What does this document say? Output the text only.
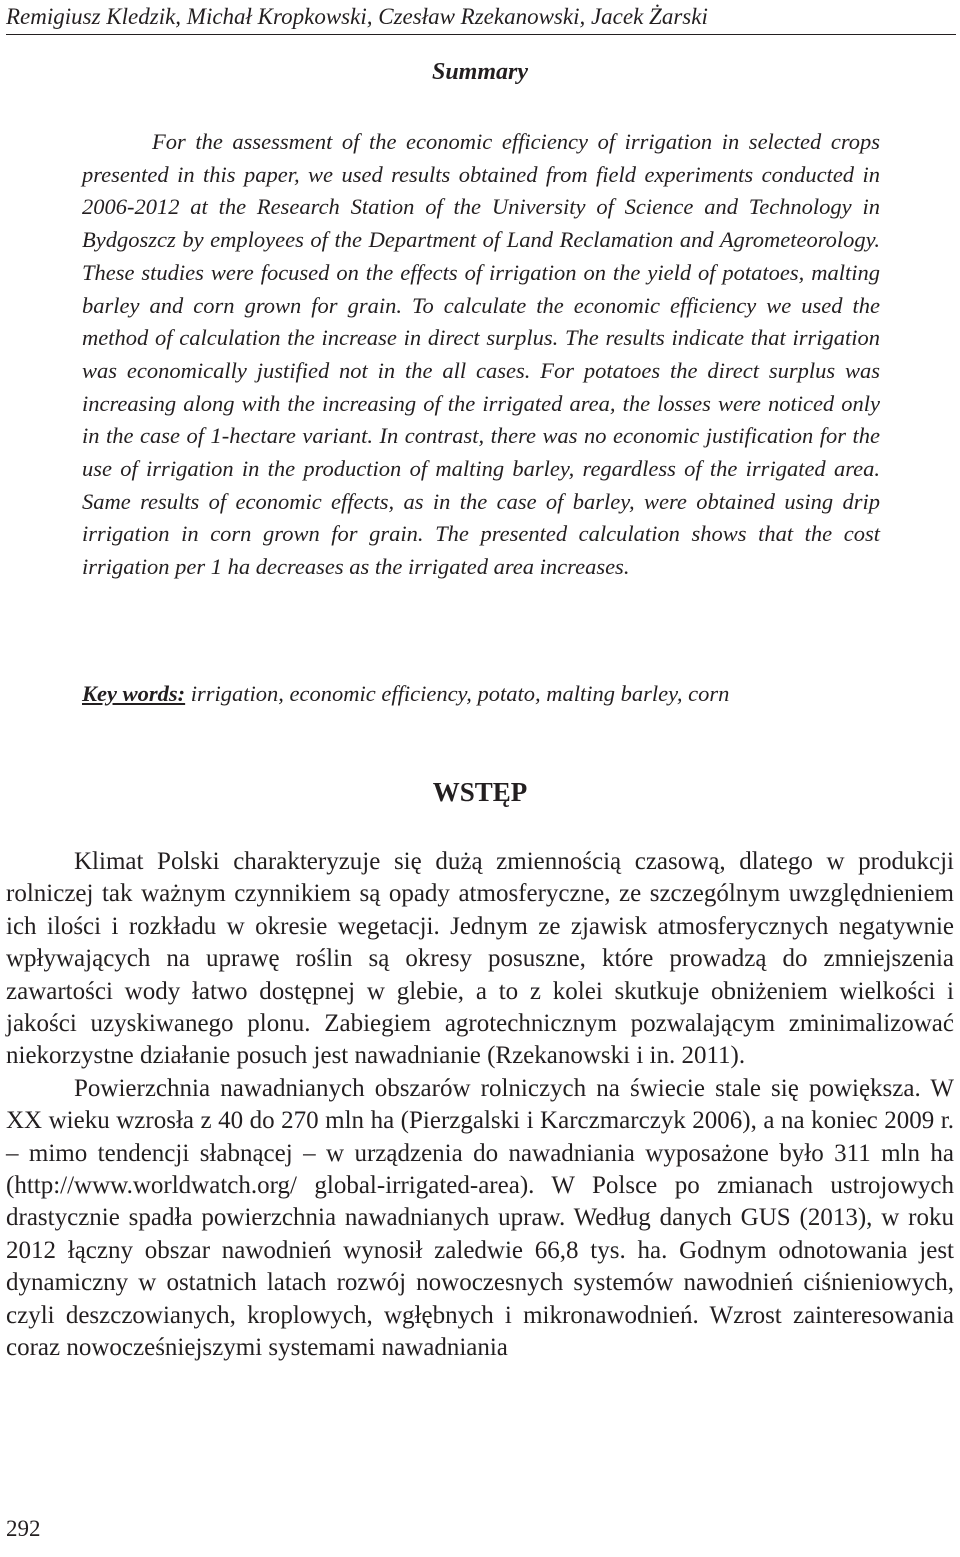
Remigiusz Kledzik, Michał Kropkowski, Czesław Rzekanowski, Jacek Żarski
Summary

For the assessment of the economic efficiency of irrigation in selected crops presented in this paper, we used results obtained from field experiments conducted in 2006-2012 at the Research Station of the University of Science and Technology in Bydgoszcz by employees of the Department of Land Reclamation and Agrometeorology. These studies were focused on the effects of irrigation on the yield of potatoes, malting barley and corn grown for grain. To calculate the economic efficiency we used the method of calculation the increase in direct surplus. The results indicate that irrigation was economically justified not in the all cases. For potatoes the direct surplus was increasing along with the increasing of the irrigated area, the losses were noticed only in the case of 1-hectare variant. In contrast, there was no economic justification for the use of irrigation in the production of malting barley, regardless of the irrigated area. Same results of economic effects, as in the case of barley, were obtained using drip irrigation in corn grown for grain. The presented calculation shows that the cost irrigation per 1 ha decreases as the irrigated area increases.

Key words: irrigation, economic efficiency, potato, malting barley, corn

WSTĘP

Klimat Polski charakteryzuje się dużą zmiennością czasową, dlatego w produkcji rolniczej tak ważnym czynnikiem są opady atmosferyczne, ze szczególnym uwzględnieniem ich ilości i rozkładu w okresie wegetacji. Jednym ze zjawisk atmosferycznych negatywnie wpływających na uprawę roślin są okresy posuszne, które prowadzą do zmniejszenia zawartości wody łatwo dostępnej w glebie, a to z kolei skutkuje obniżeniem wielkości i jakości uzyskiwanego plonu. Zabiegiem agrotechnicznym pozwalającym zminimalizować niekorzystne działanie posuch jest nawadnianie (Rzekanowski i in. 2011).

Powierzchnia nawadnianych obszarów rolniczych na świecie stale się powiększa. W XX wieku wzrosła z 40 do 270 mln ha (Pierzgalski i Karczmarczyk 2006), a na koniec 2009 r. – mimo tendencji słabnącej – w urządzenia do nawadniania wyposażone było 311 mln ha (http://www.worldwatch.org/ global-irrigated-area). W Polsce po zmianach ustrojowych drastycznie spadła powierzchnia nawadnianych upraw. Według danych GUS (2013), w roku 2012 łączny obszar nawodnień wynosił zaledwie 66,8 tys. ha. Godnym odnotowania jest dynamiczny w ostatnich latach rozwój nowoczesnych systemów nawodnień ciśnieniowych, czyli deszczowianych, kroplowych, wgłębnych i mikronawodnień. Wzrost zainteresowania coraz nowocześniejszymi systemami nawadniania

292
